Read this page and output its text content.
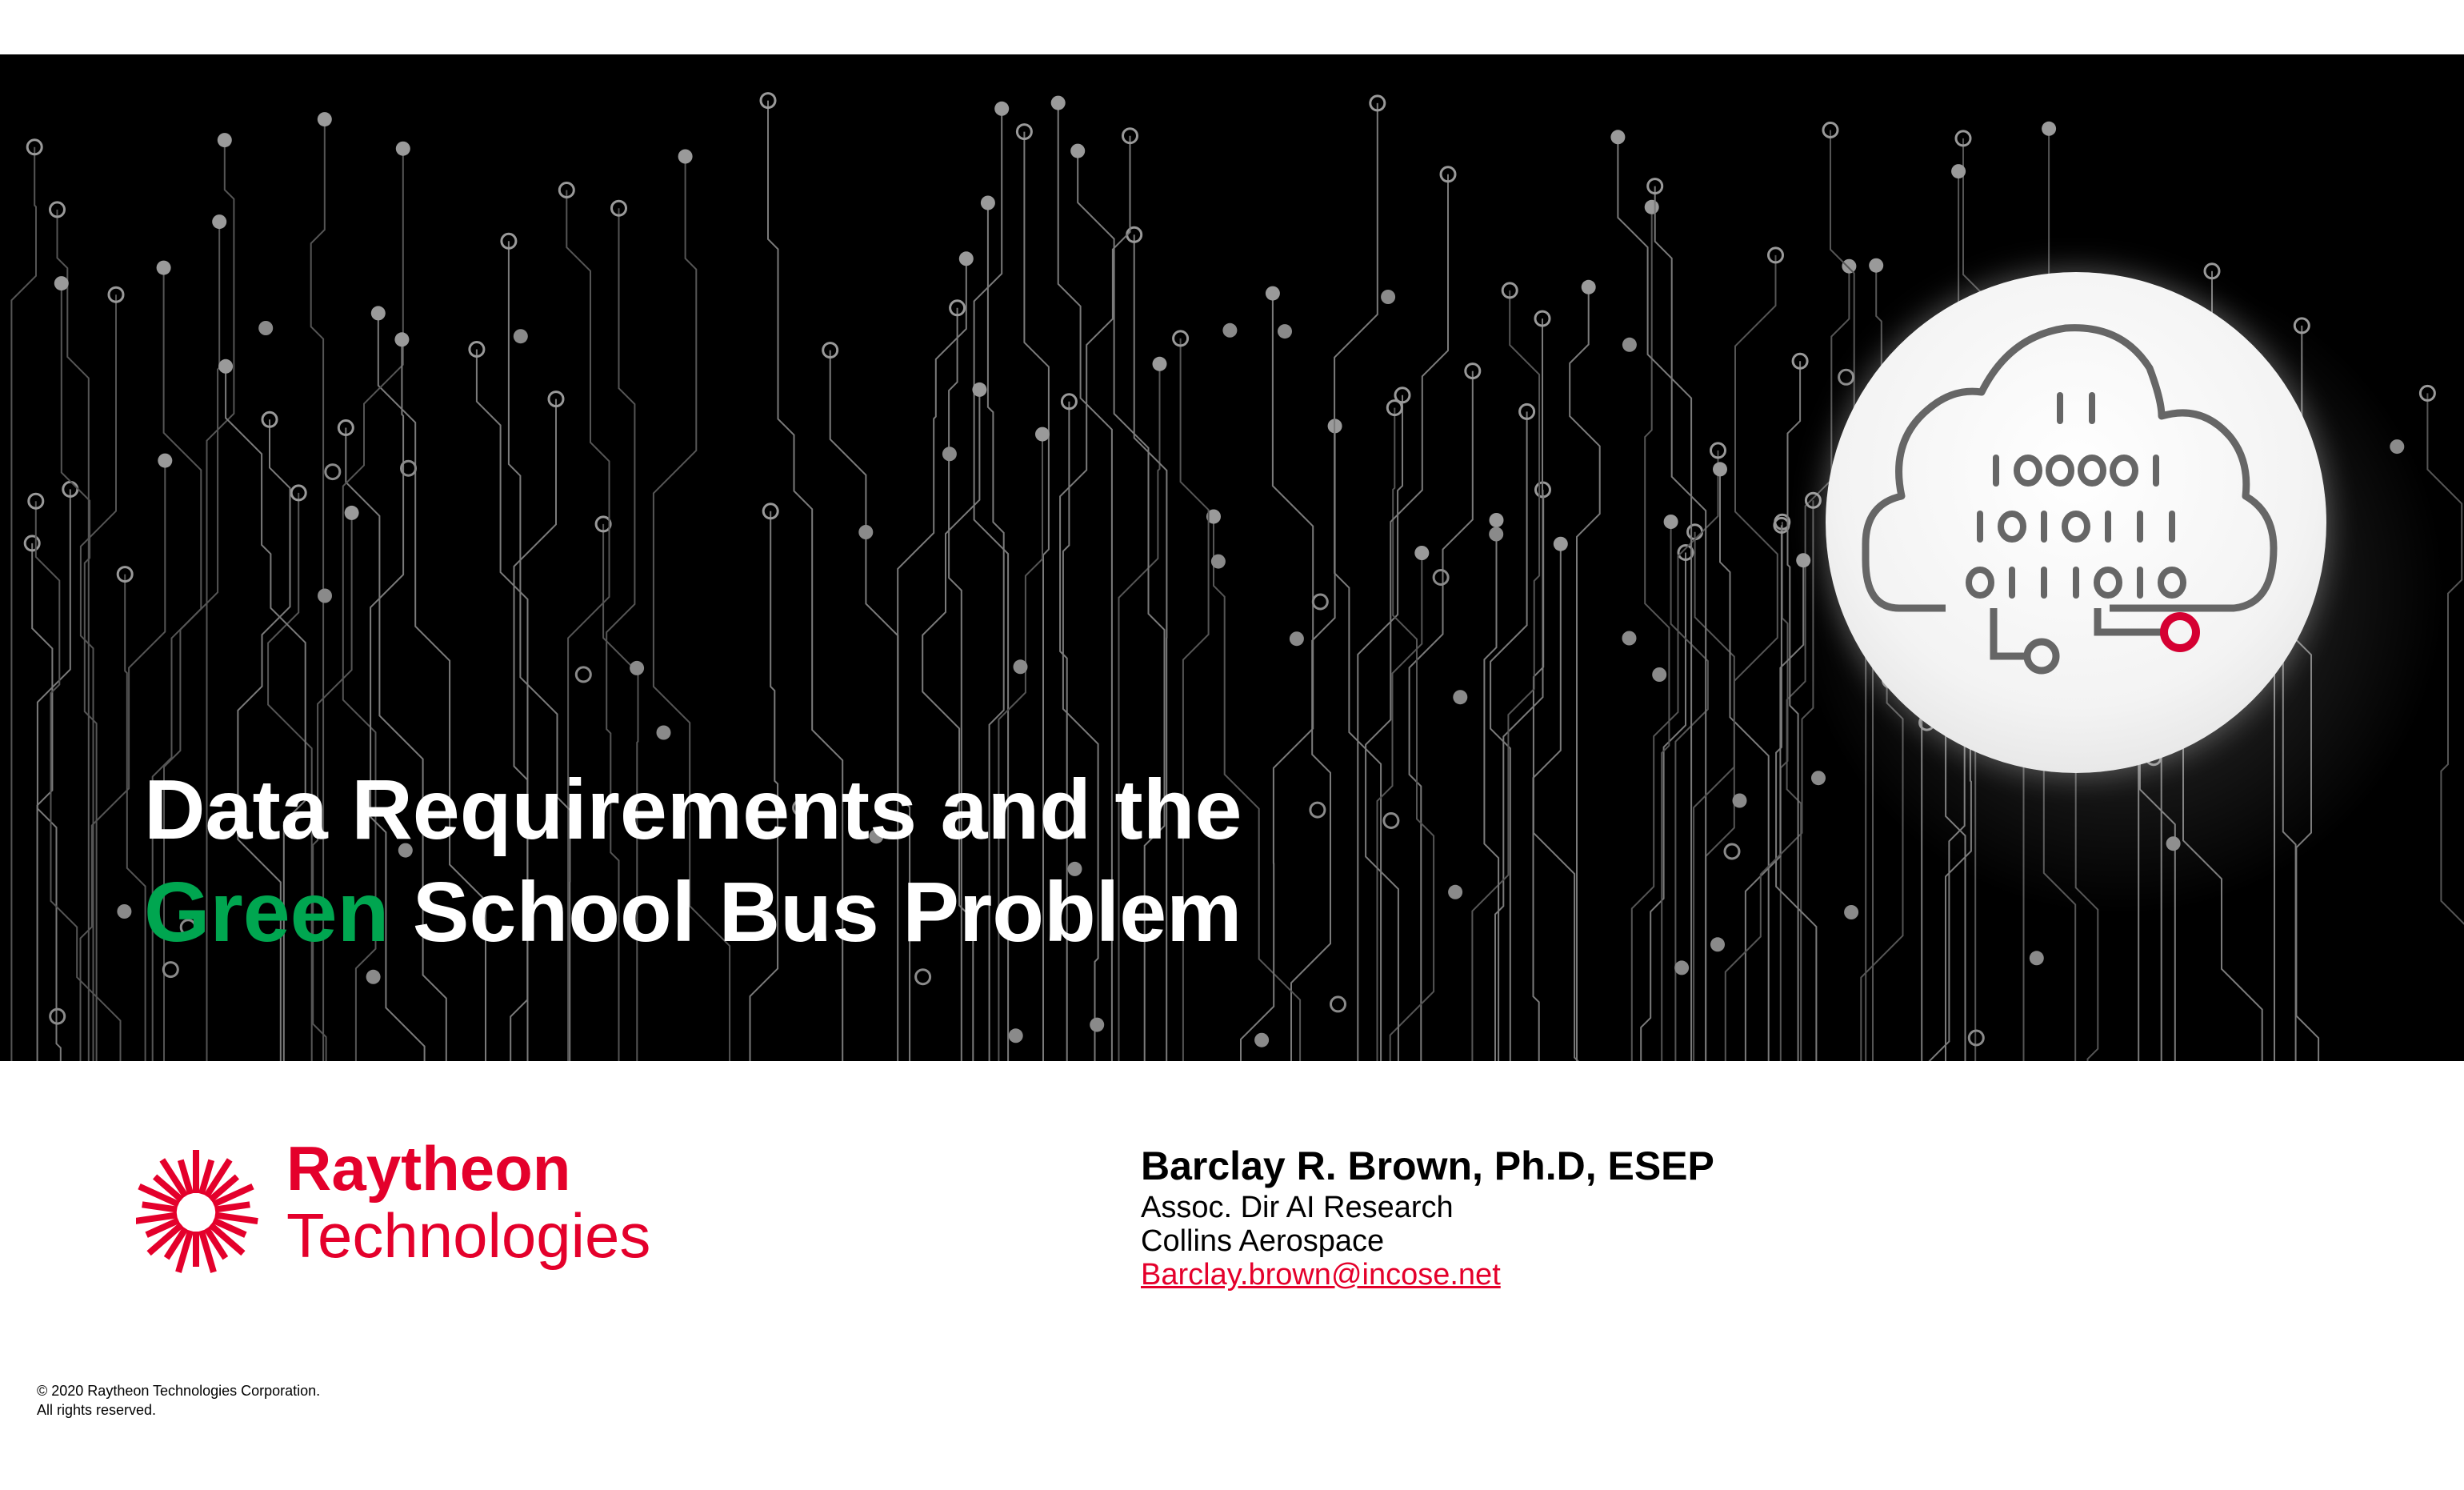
Data Requirements and the
Green School Bus Problem
Raytheon
Technologies
Barclay R. Brown, Ph.D, ESEP
Assoc. Dir AI Research
Collins Aerospace
Barclay.brown@incose.net
© 2020 Raytheon Technologies Corporation.
All rights reserved.
